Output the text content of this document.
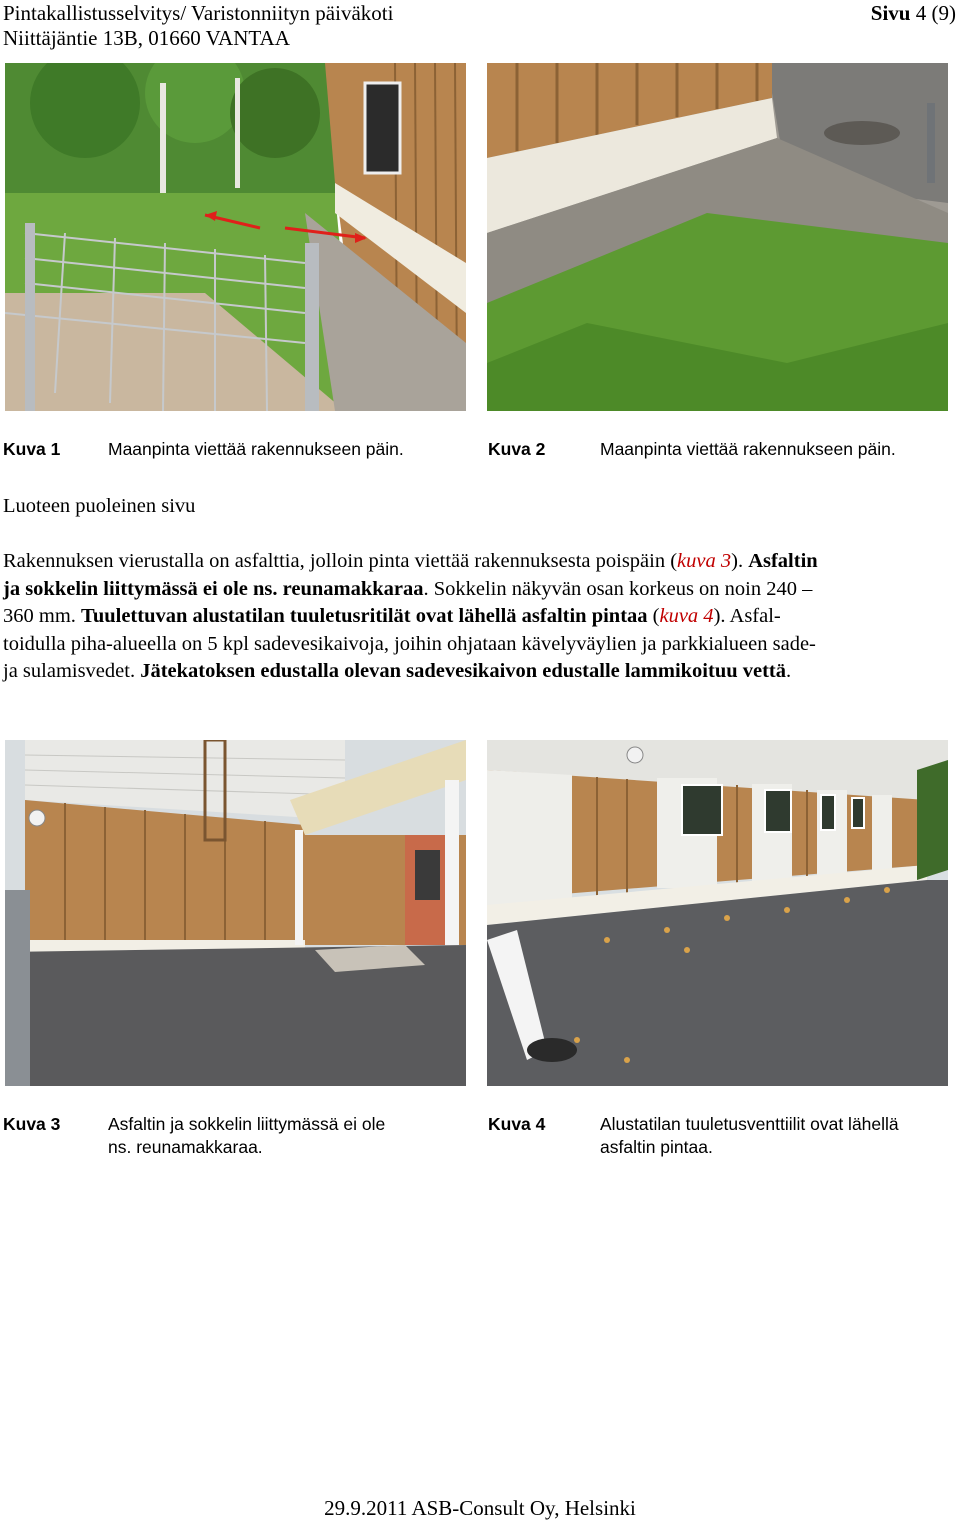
Pintakallistusselvitys/ Varistonniityn päiväkoti
Niittäjäntie 13B, 01660 VANTAA
Sivu 4 (9)
Kuva 1	Maanpinta viettää rakennukseen päin.	Kuva 2	Maanpinta viettää rakennukseen päin.
Luoteen puoleinen sivu
Rakennuksen vierustalla on asfalttia, jolloin pinta viettää rakennuksesta poispäin (kuva 3). Asfaltin
ja sokkelin liittymässä ei ole ns. reunamakkaraa. Sokkelin näkyvän osan korkeus on noin 240 –
360 mm. Tuulettuvan alustatilan tuuletusritilät ovat lähellä asfaltin pintaa (kuva 4). Asfal-
toidulla piha-alueella on 5 kpl sadevesikaivoja, joihin ohjataan kävelyväylien ja parkkialueen sade-
ja sulamisvedet. Jätekatoksen edustalla olevan sadevesikaivon edustalle lammikoituu vettä.
Kuva 3	Asfaltin ja sokkelin liittymässä ei ole
ns. reunamakkaraa.
Kuva 4	Alustatilan tuuletusventtiilit ovat lähellä
asfaltin pintaa.
29.9.2011 ASB-Consult Oy, Helsinki
